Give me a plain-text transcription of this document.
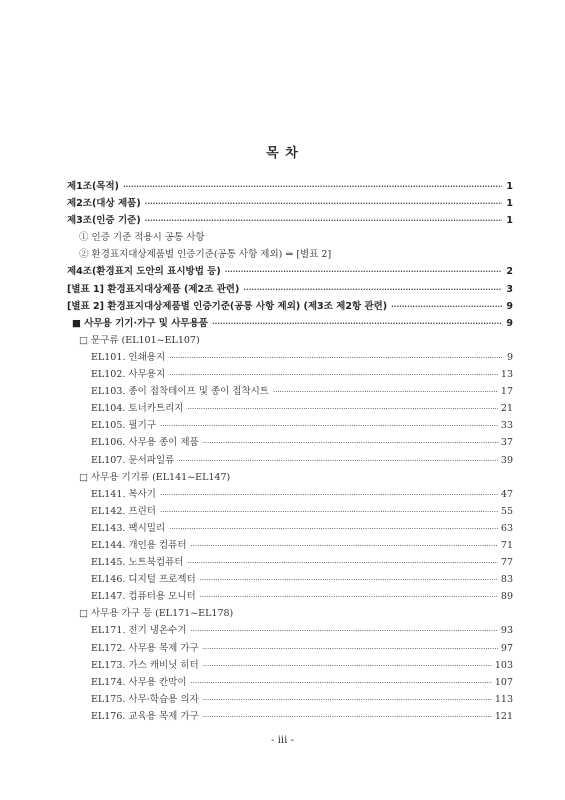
목 차
제1조(목적) ·····	1
제2조(대상 제품) ·····	1
제3조(인증 기준) ·····	1
① 인증 기준 적용시 공통 사항
② 환경표지대상제품별 인증기준(공통 사항 제외) ⇒ [별표 2]
제4조(환경표지 도안의 표시방법 등) ·····	2
[별표 1] 환경표지대상제품 (제2조 관련) ·····	3
[별표 2] 환경표지대상제품별 인증기준(공통 사항 제외) (제3조 제2항 관련) ·····	9
■ 사무용 기기·가구 및 사무용품 ·····	9
□ 문구류 (EL101~EL107)
EL101. 인쇄용지 ·····	9
EL102. 사무용지 ·····	13
EL103. 종이 접착테이프 및 종이 접착시트 ·····	17
EL104. 토너카트리지 ·····	21
EL105. 필기구 ·····	33
EL106. 사무용 종이 제품 ·····	37
EL107. 문서파일류 ·····	39
□ 사무용 기기류 (EL141~EL147)
EL141. 복사기 ·····	47
EL142. 프린터 ·····	55
EL143. 팩시밀리 ·····	63
EL144. 개인용 컴퓨터 ·····	71
EL145. 노트북컴퓨터 ·····	77
EL146. 디지털 프로젝터 ·····	83
EL147. 컴퓨터용 모니터 ·····	89
□ 사무용 가구 등 (EL171~EL178)
EL171. 전기 냉온수기 ·····	93
EL172. 사무용 목제 가구 ·····	97
EL173. 가스 캐비닛 히터 ·····	103
EL174. 사무용 칸막이 ·····	107
EL175. 사무·학습용 의자 ·····	113
EL176. 교육용 목제 가구 ·····	121
- iii -
